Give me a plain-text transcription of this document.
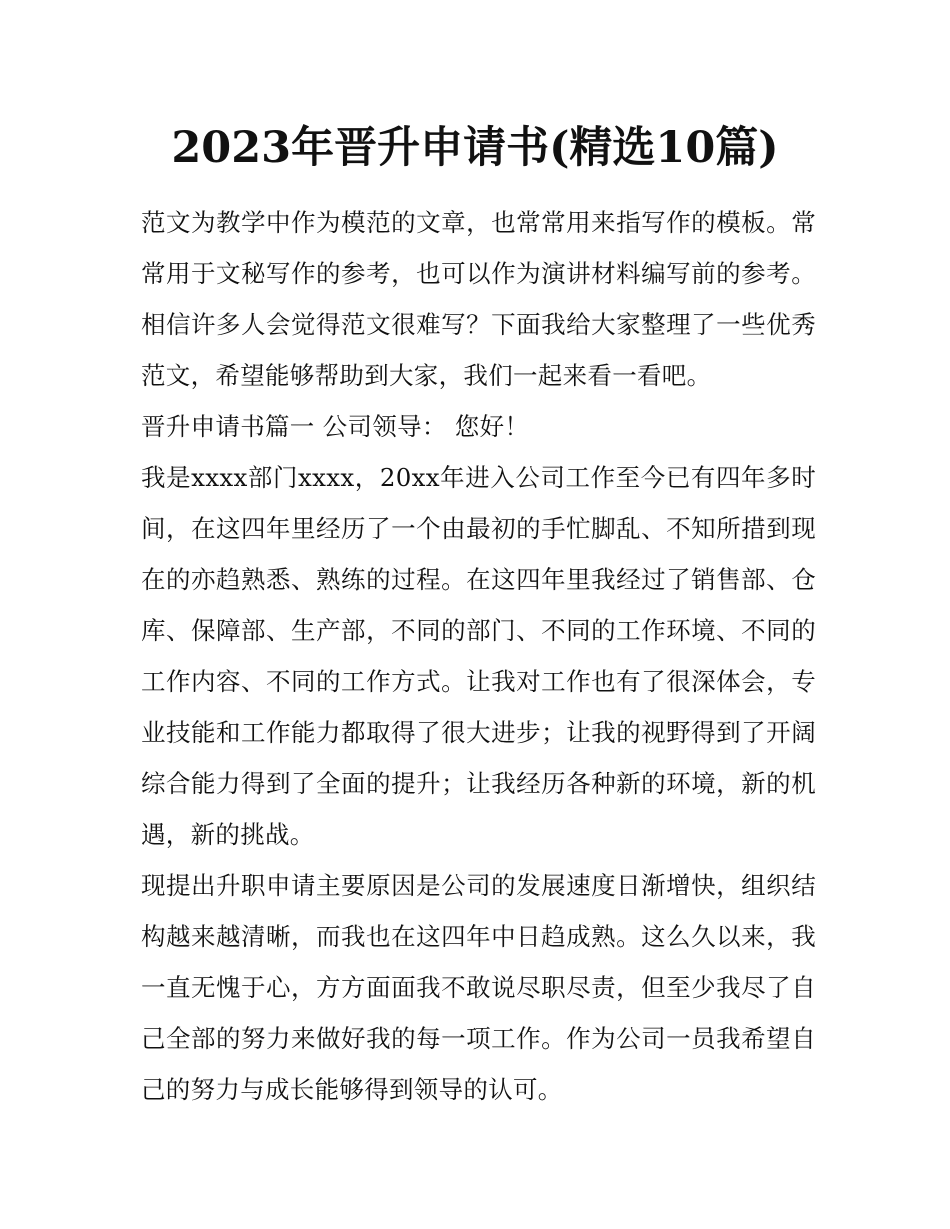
2023年晋升申请书(精选10篇)

范文为教学中作为模范的文章，也常常用来指写作的模板。常常用于文秘写作的参考，也可以作为演讲材料编写前的参考。相信许多人会觉得范文很难写？下面我给大家整理了一些优秀范文，希望能够帮助到大家，我们一起来看一看吧。

晋升申请书篇一 公司领导： 您好！

我是xxxx部门xxxx，20xx年进入公司工作至今已有四年多时间，在这四年里经历了一个由最初的手忙脚乱、不知所措到现在的亦趋熟悉、熟练的过程。在这四年里我经过了销售部、仓库、保障部、生产部，不同的部门、不同的工作环境、不同的工作内容、不同的工作方式。让我对工作也有了很深体会，专业技能和工作能力都取得了很大进步；让我的视野得到了开阔综合能力得到了全面的提升；让我经历各种新的环境，新的机遇，新的挑战。

现提出升职申请主要原因是公司的发展速度日渐增快，组织结构越来越清晰，而我也在这四年中日趋成熟。这么久以来，我一直无愧于心，方方面面我不敢说尽职尽责，但至少我尽了自己全部的努力来做好我的每一项工作。作为公司一员我希望自己的努力与成长能够得到领导的认可。
